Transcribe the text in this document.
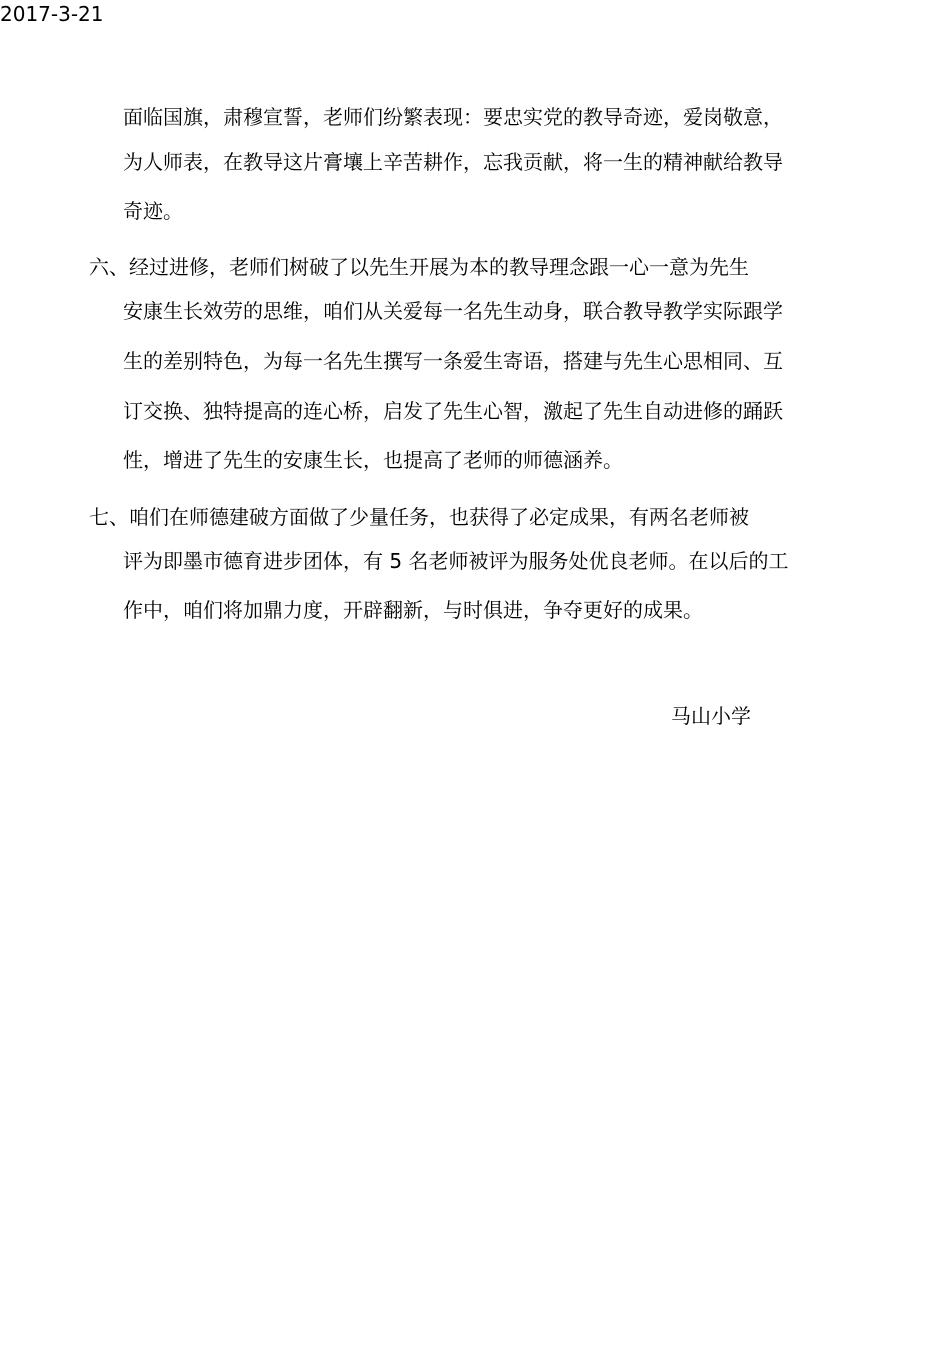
2017-3-21
面临国旗，肃穆宣誓，老师们纷繁表现：要忠实党的教导奇迹，爱岗敬意，
为人师表，在教导这片膏壤上辛苦耕作，忘我贡献，将一生的精神献给教导
奇迹。
六、经过进修，老师们树破了以先生开展为本的教导理念跟一心一意为先生
安康生长效劳的思维，咱们从关爱每一名先生动身，联合教导教学实际跟学
生的差别特色，为每一名先生撰写一条爱生寄语，搭建与先生心思相同、互
订交换、独特提高的连心桥，启发了先生心智，激起了先生自动进修的踊跃
性，增进了先生的安康生长，也提高了老师的师德涵养。
七、咱们在师德建破方面做了少量任务，也获得了必定成果，有两名老师被
评为即墨市德育进步团体，有 5 名老师被评为服务处优良老师。在以后的工
作中，咱们将加鼎力度，开辟翻新，与时俱进，争夺更好的成果。
马山小学
